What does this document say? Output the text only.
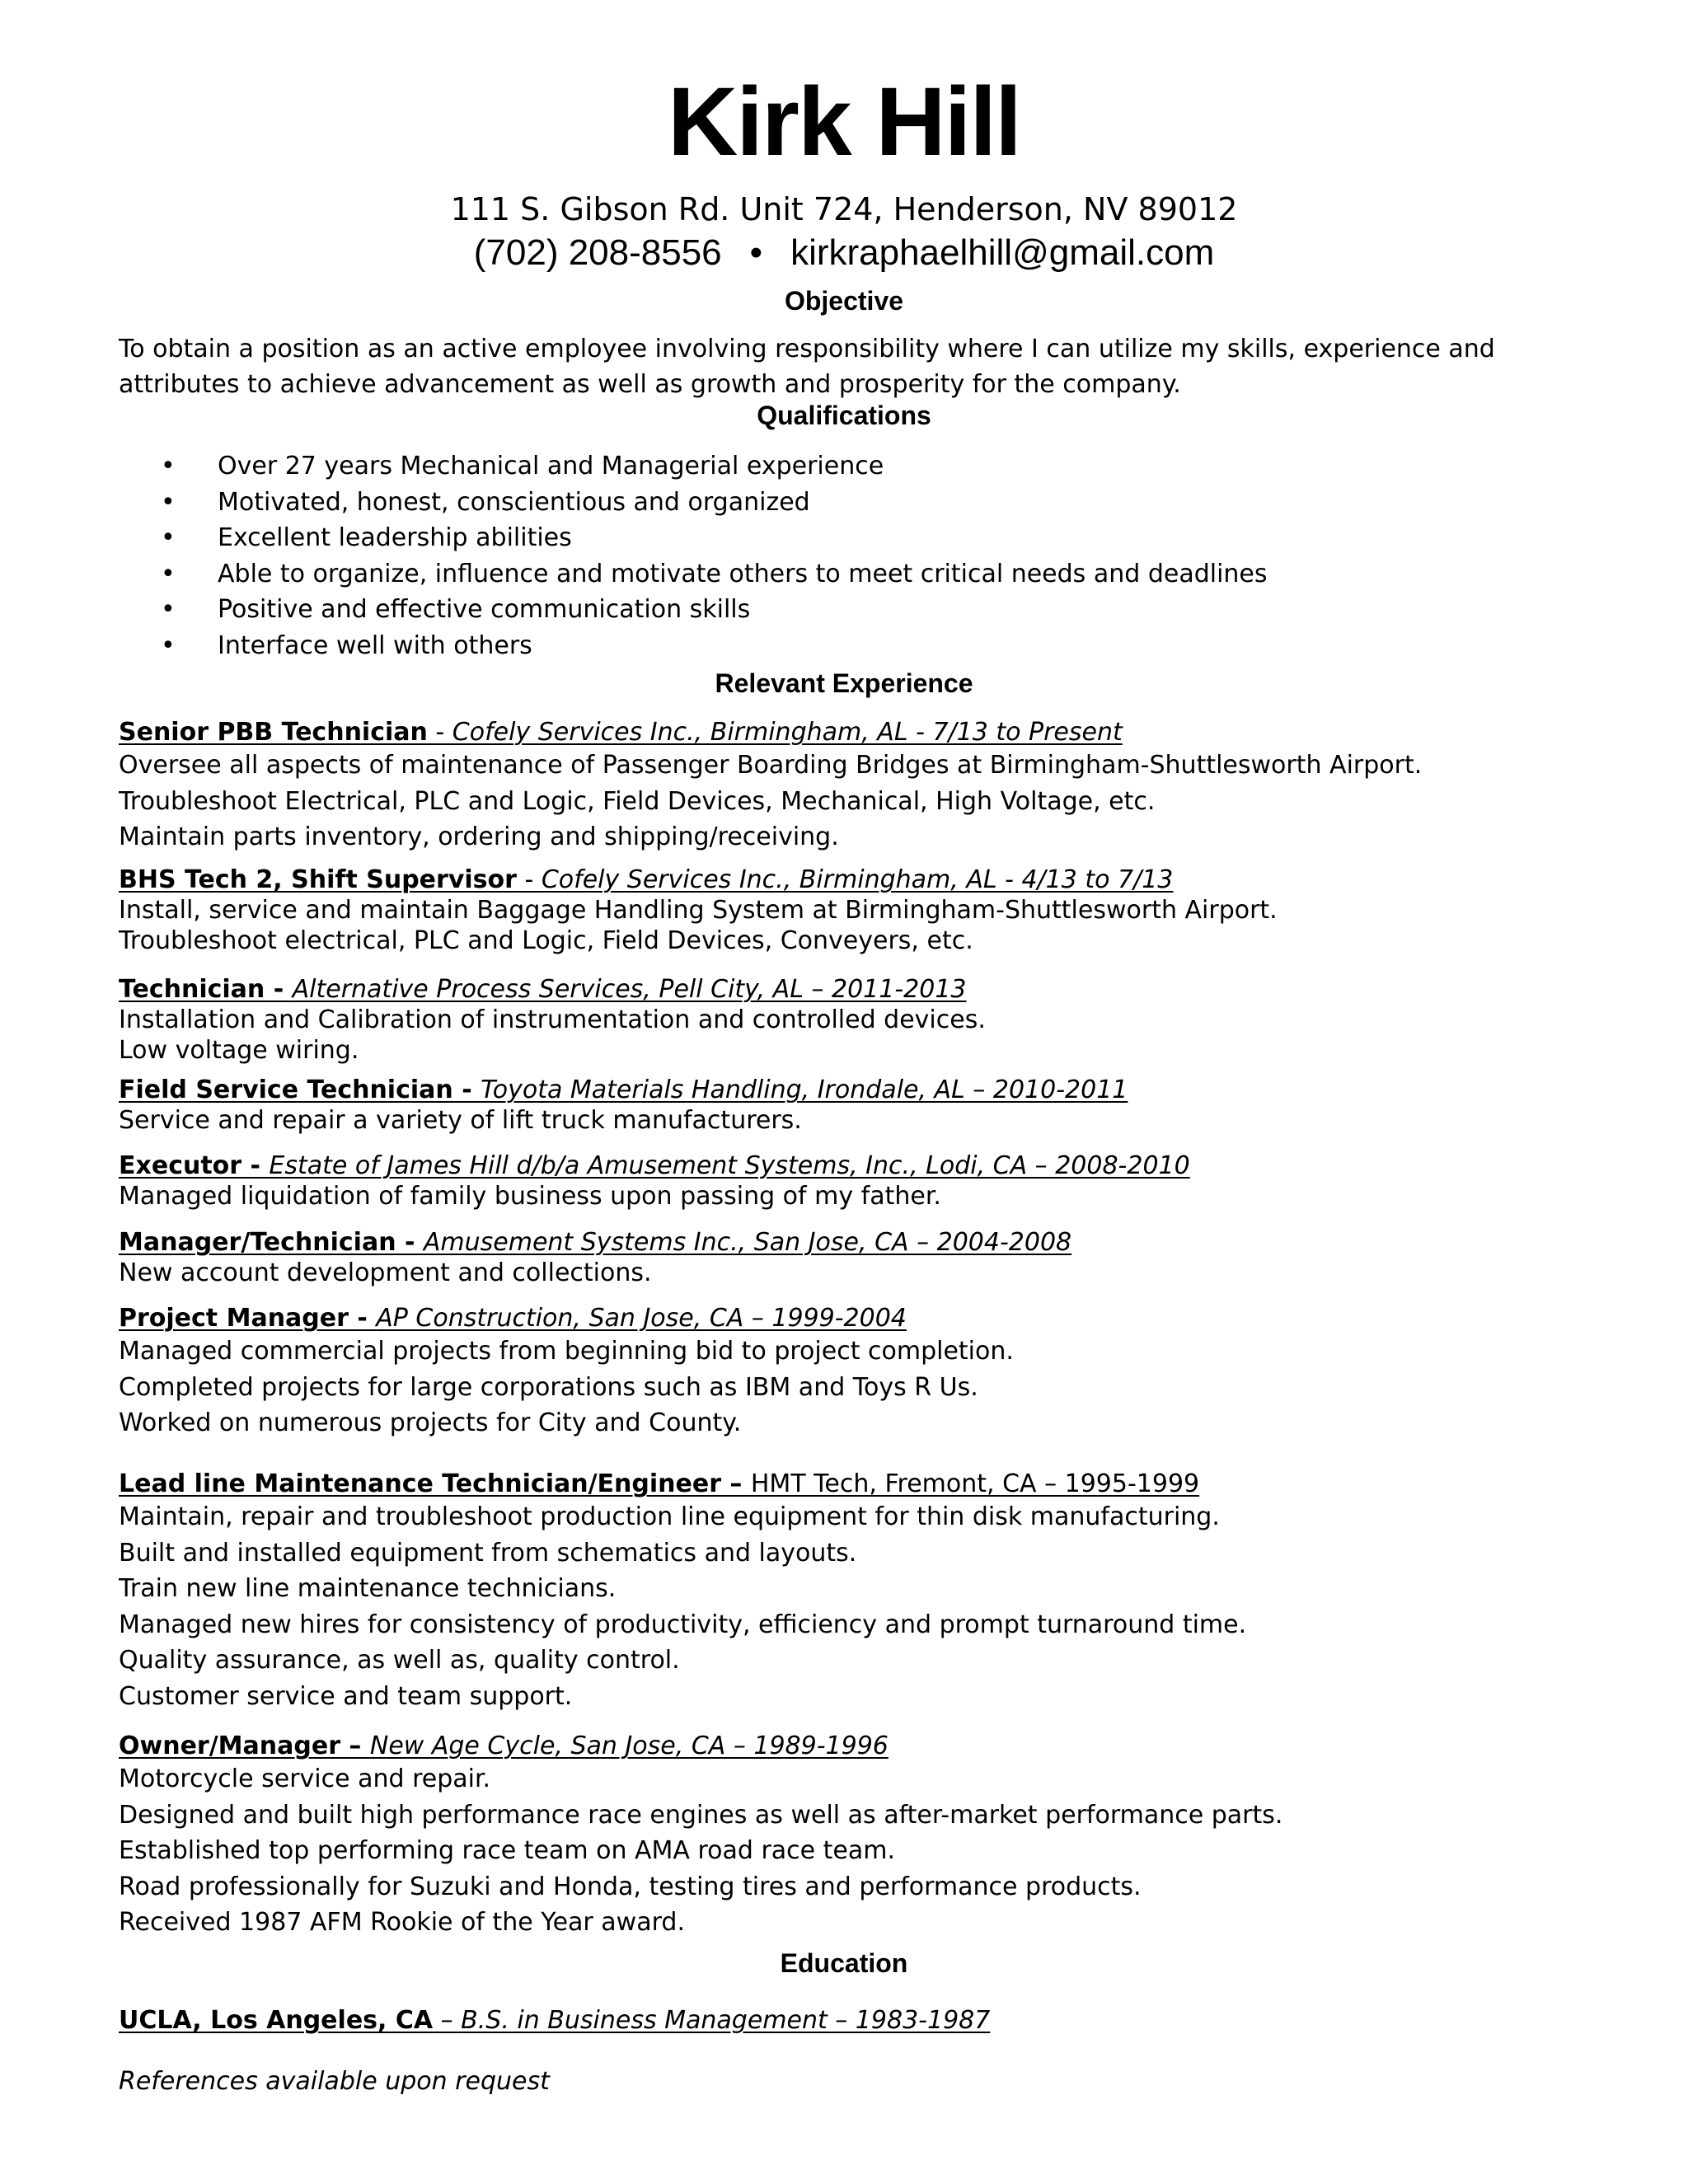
Kirk Hill
111 S. Gibson Rd. Unit 724, Henderson, NV 89012
(702) 208-8556 • kirkraphaelhill@gmail.com
Objective
To obtain a position as an active employee involving responsibility where I can utilize my skills, experience and attributes to achieve advancement as well as growth and prosperity for the company.
Qualifications
• Over 27 years Mechanical and Managerial experience
• Motivated, honest, conscientious and organized
• Excellent leadership abilities
• Able to organize, influence and motivate others to meet critical needs and deadlines
• Positive and effective communication skills
• Interface well with others
Relevant Experience
Senior PBB Technician - Cofely Services Inc., Birmingham, AL - 7/13 to Present
Oversee all aspects of maintenance of Passenger Boarding Bridges at Birmingham-Shuttlesworth Airport.
Troubleshoot Electrical, PLC and Logic, Field Devices, Mechanical, High Voltage, etc.
Maintain parts inventory, ordering and shipping/receiving.
BHS Tech 2, Shift Supervisor - Cofely Services Inc., Birmingham, AL - 4/13 to 7/13
Install, service and maintain Baggage Handling System at Birmingham-Shuttlesworth Airport.
Troubleshoot electrical, PLC and Logic, Field Devices, Conveyers, etc.
Technician - Alternative Process Services, Pell City, AL – 2011-2013
Installation and Calibration of instrumentation and controlled devices.
Low voltage wiring.
Field Service Technician - Toyota Materials Handling, Irondale, AL – 2010-2011
Service and repair a variety of lift truck manufacturers.
Executor - Estate of James Hill d/b/a Amusement Systems, Inc., Lodi, CA – 2008-2010
Managed liquidation of family business upon passing of my father.
Manager/Technician - Amusement Systems Inc., San Jose, CA – 2004-2008
New account development and collections.
Project Manager - AP Construction, San Jose, CA – 1999-2004
Managed commercial projects from beginning bid to project completion.
Completed projects for large corporations such as IBM and Toys R Us.
Worked on numerous projects for City and County.
Lead line Maintenance Technician/Engineer – HMT Tech, Fremont, CA – 1995-1999
Maintain, repair and troubleshoot production line equipment for thin disk manufacturing.
Built and installed equipment from schematics and layouts.
Train new line maintenance technicians.
Managed new hires for consistency of productivity, efficiency and prompt turnaround time.
Quality assurance, as well as, quality control.
Customer service and team support.
Owner/Manager – New Age Cycle, San Jose, CA – 1989-1996
Motorcycle service and repair.
Designed and built high performance race engines as well as after-market performance parts.
Established top performing race team on AMA road race team.
Road professionally for Suzuki and Honda, testing tires and performance products.
Received 1987 AFM Rookie of the Year award.
Education
UCLA, Los Angeles, CA – B.S. in Business Management – 1983-1987
References available upon request
